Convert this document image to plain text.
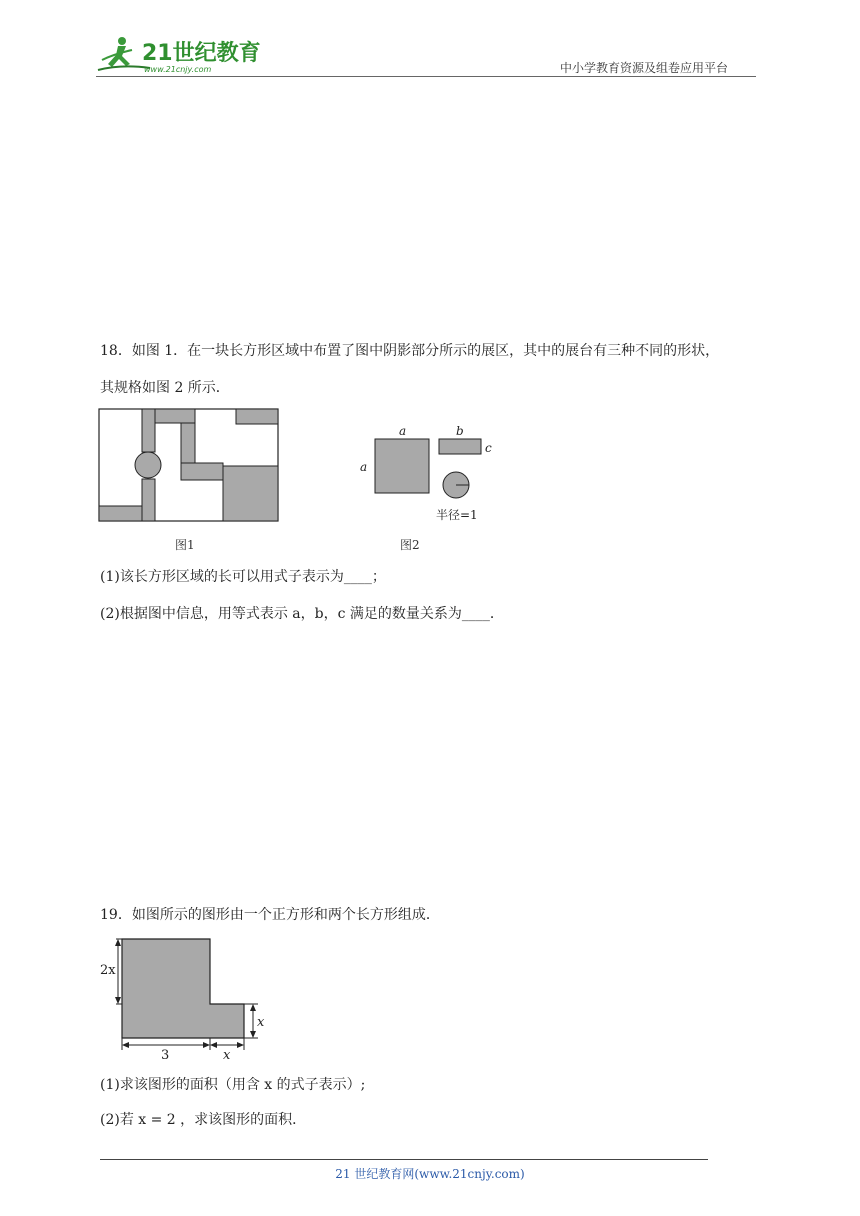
21世纪教育
www.21cnjy.com	中小学教育资源及组卷应用平台
18．如图 1．在一块长方形区域中布置了图中阴影部分所示的展区，其中的展台有三种不同的形状，
其规格如图 2 所示．
图1
a
a
b
c
半径=1
图2
(1)该长方形区域的长可以用式子表示为____；
(2)根据图中信息，用等式表示 a，b，c 满足的数量关系为____．
19．如图所示的图形由一个正方形和两个长方形组成．
2x
x
3	x
(1)求该图形的面积（用含 x 的式子表示）;
(2)若 x = 2 ，求该图形的面积．
21 世纪教育网(www.21cnjy.com)
